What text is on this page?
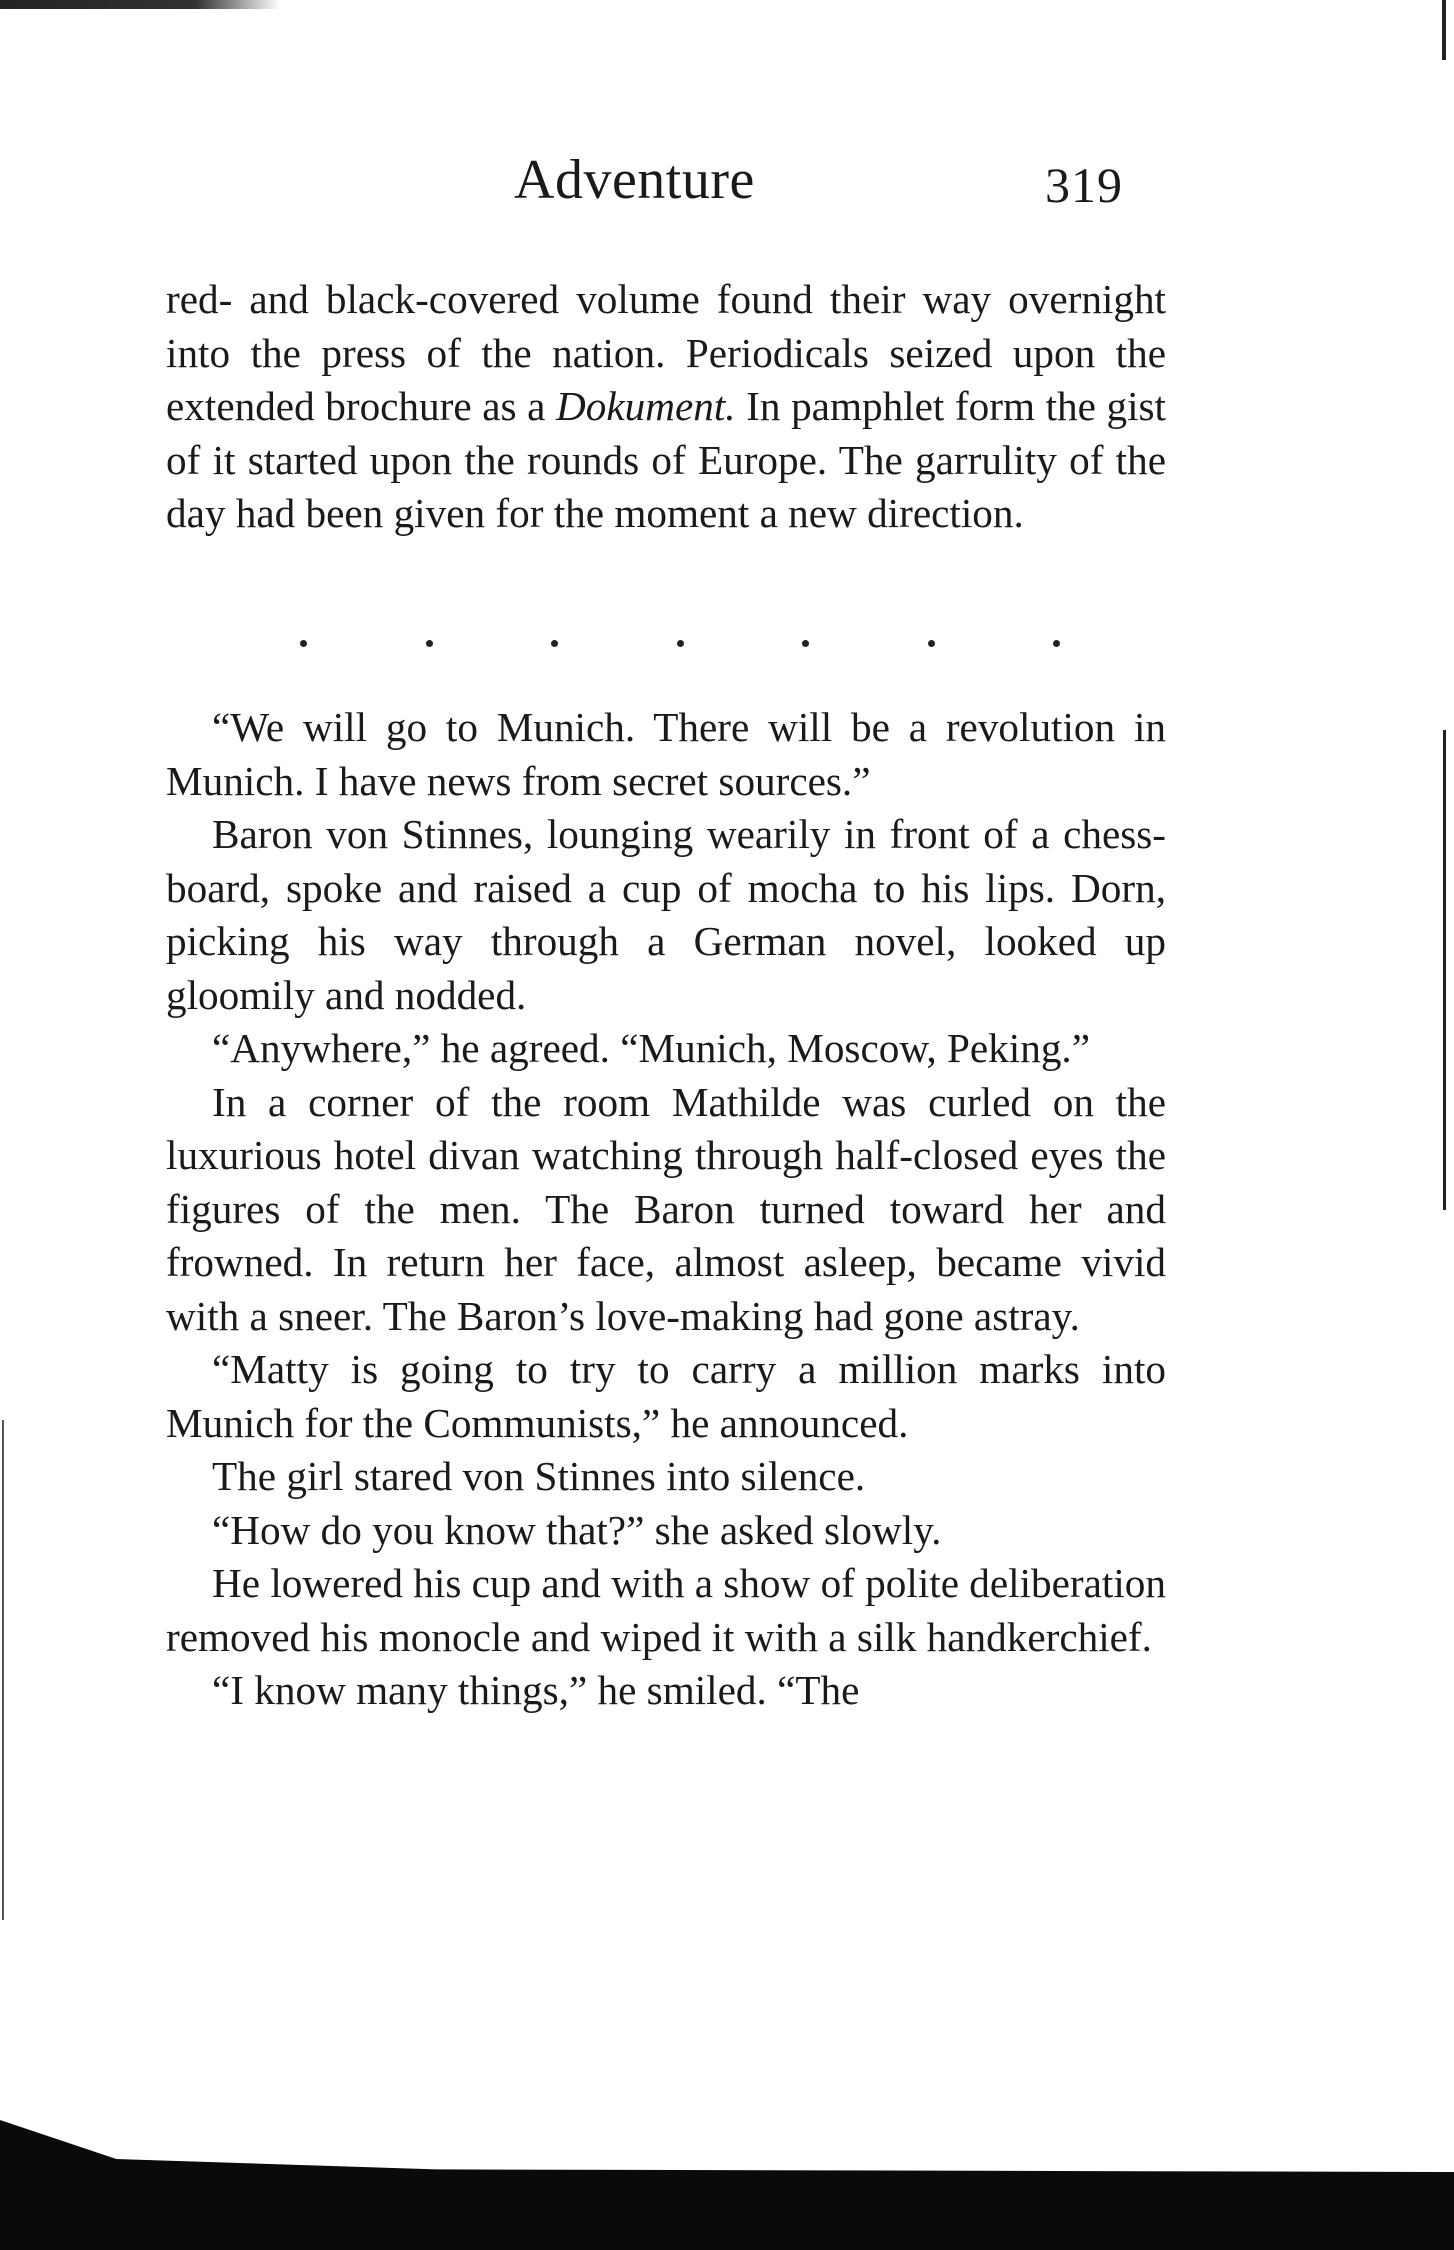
Adventure	319

red- and black-covered volume found their way overnight into the press of the nation. Periodicals seized upon the extended brochure as a Dokument. In pamphlet form the gist of it started upon the rounds of Europe. The garrulity of the day had been given for the moment a new direction.

“We will go to Munich. There will be a revolution in Munich. I have news from secret sources.”

Baron von Stinnes, lounging wearily in front of a chess-board, spoke and raised a cup of mocha to his lips. Dorn, picking his way through a German novel, looked up gloomily and nodded.

“Anywhere,” he agreed. “Munich, Moscow, Peking.”

In a corner of the room Mathilde was curled on the luxurious hotel divan watching through half-closed eyes the figures of the men. The Baron turned toward her and frowned. In return her face, almost asleep, became vivid with a sneer. The Baron’s love-making had gone astray.

“Matty is going to try to carry a million marks into Munich for the Communists,” he announced.

The girl stared von Stinnes into silence.

“How do you know that?” she asked slowly.

He lowered his cup and with a show of polite deliberation removed his monocle and wiped it with a silk handkerchief.

“I know many things,” he smiled. “The
